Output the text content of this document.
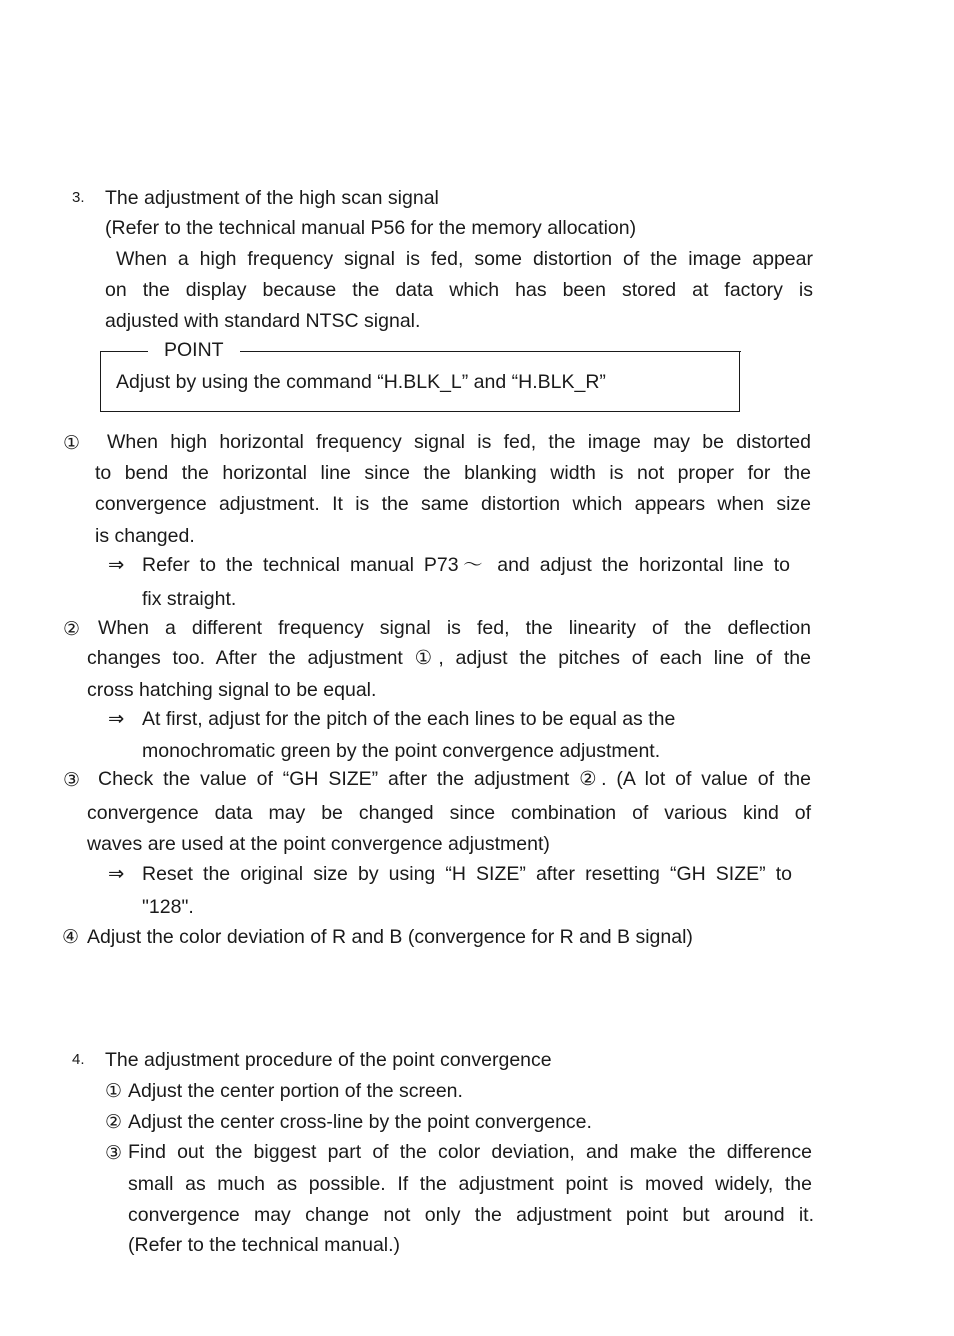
3. The adjustment of the high scan signal
(Refer to the technical manual P56 for the memory allocation)
When a high frequency signal is fed, some distortion of the image appear
on the display because the data which has been stored at factory is
adjusted with standard NTSC signal.
POINT
Adjust by using the command “H.BLK_L” and “H.BLK_R”
① When high horizontal frequency signal is fed, the image may be distorted
to bend the horizontal line since the blanking width is not proper for the
convergence adjustment. It is the same distortion which appears when size
is changed.
⇒ Refer to the technical manual P73～ and adjust the horizontal line to
fix straight.
② When a different frequency signal is fed, the linearity of the deflection
changes too. After the adjustment ①, adjust the pitches of each line of the
cross hatching signal to be equal.
⇒ At first, adjust for the pitch of the each lines to be equal as the
monochromatic green by the point convergence adjustment.
③ Check the value of “GH SIZE” after the adjustment ②. (A lot of value of the
convergence data may be changed since combination of various kind of
waves are used at the point convergence adjustment)
⇒ Reset the original size by using “H SIZE” after resetting “GH SIZE” to
"128".
④ Adjust the color deviation of R and B (convergence for R and B signal)
4. The adjustment procedure of the point convergence
① Adjust the center portion of the screen.
② Adjust the center cross-line by the point convergence.
③ Find out the biggest part of the color deviation, and make the difference
small as much as possible. If the adjustment point is moved widely, the
convergence may change not only the adjustment point but around it.
(Refer to the technical manual.)
